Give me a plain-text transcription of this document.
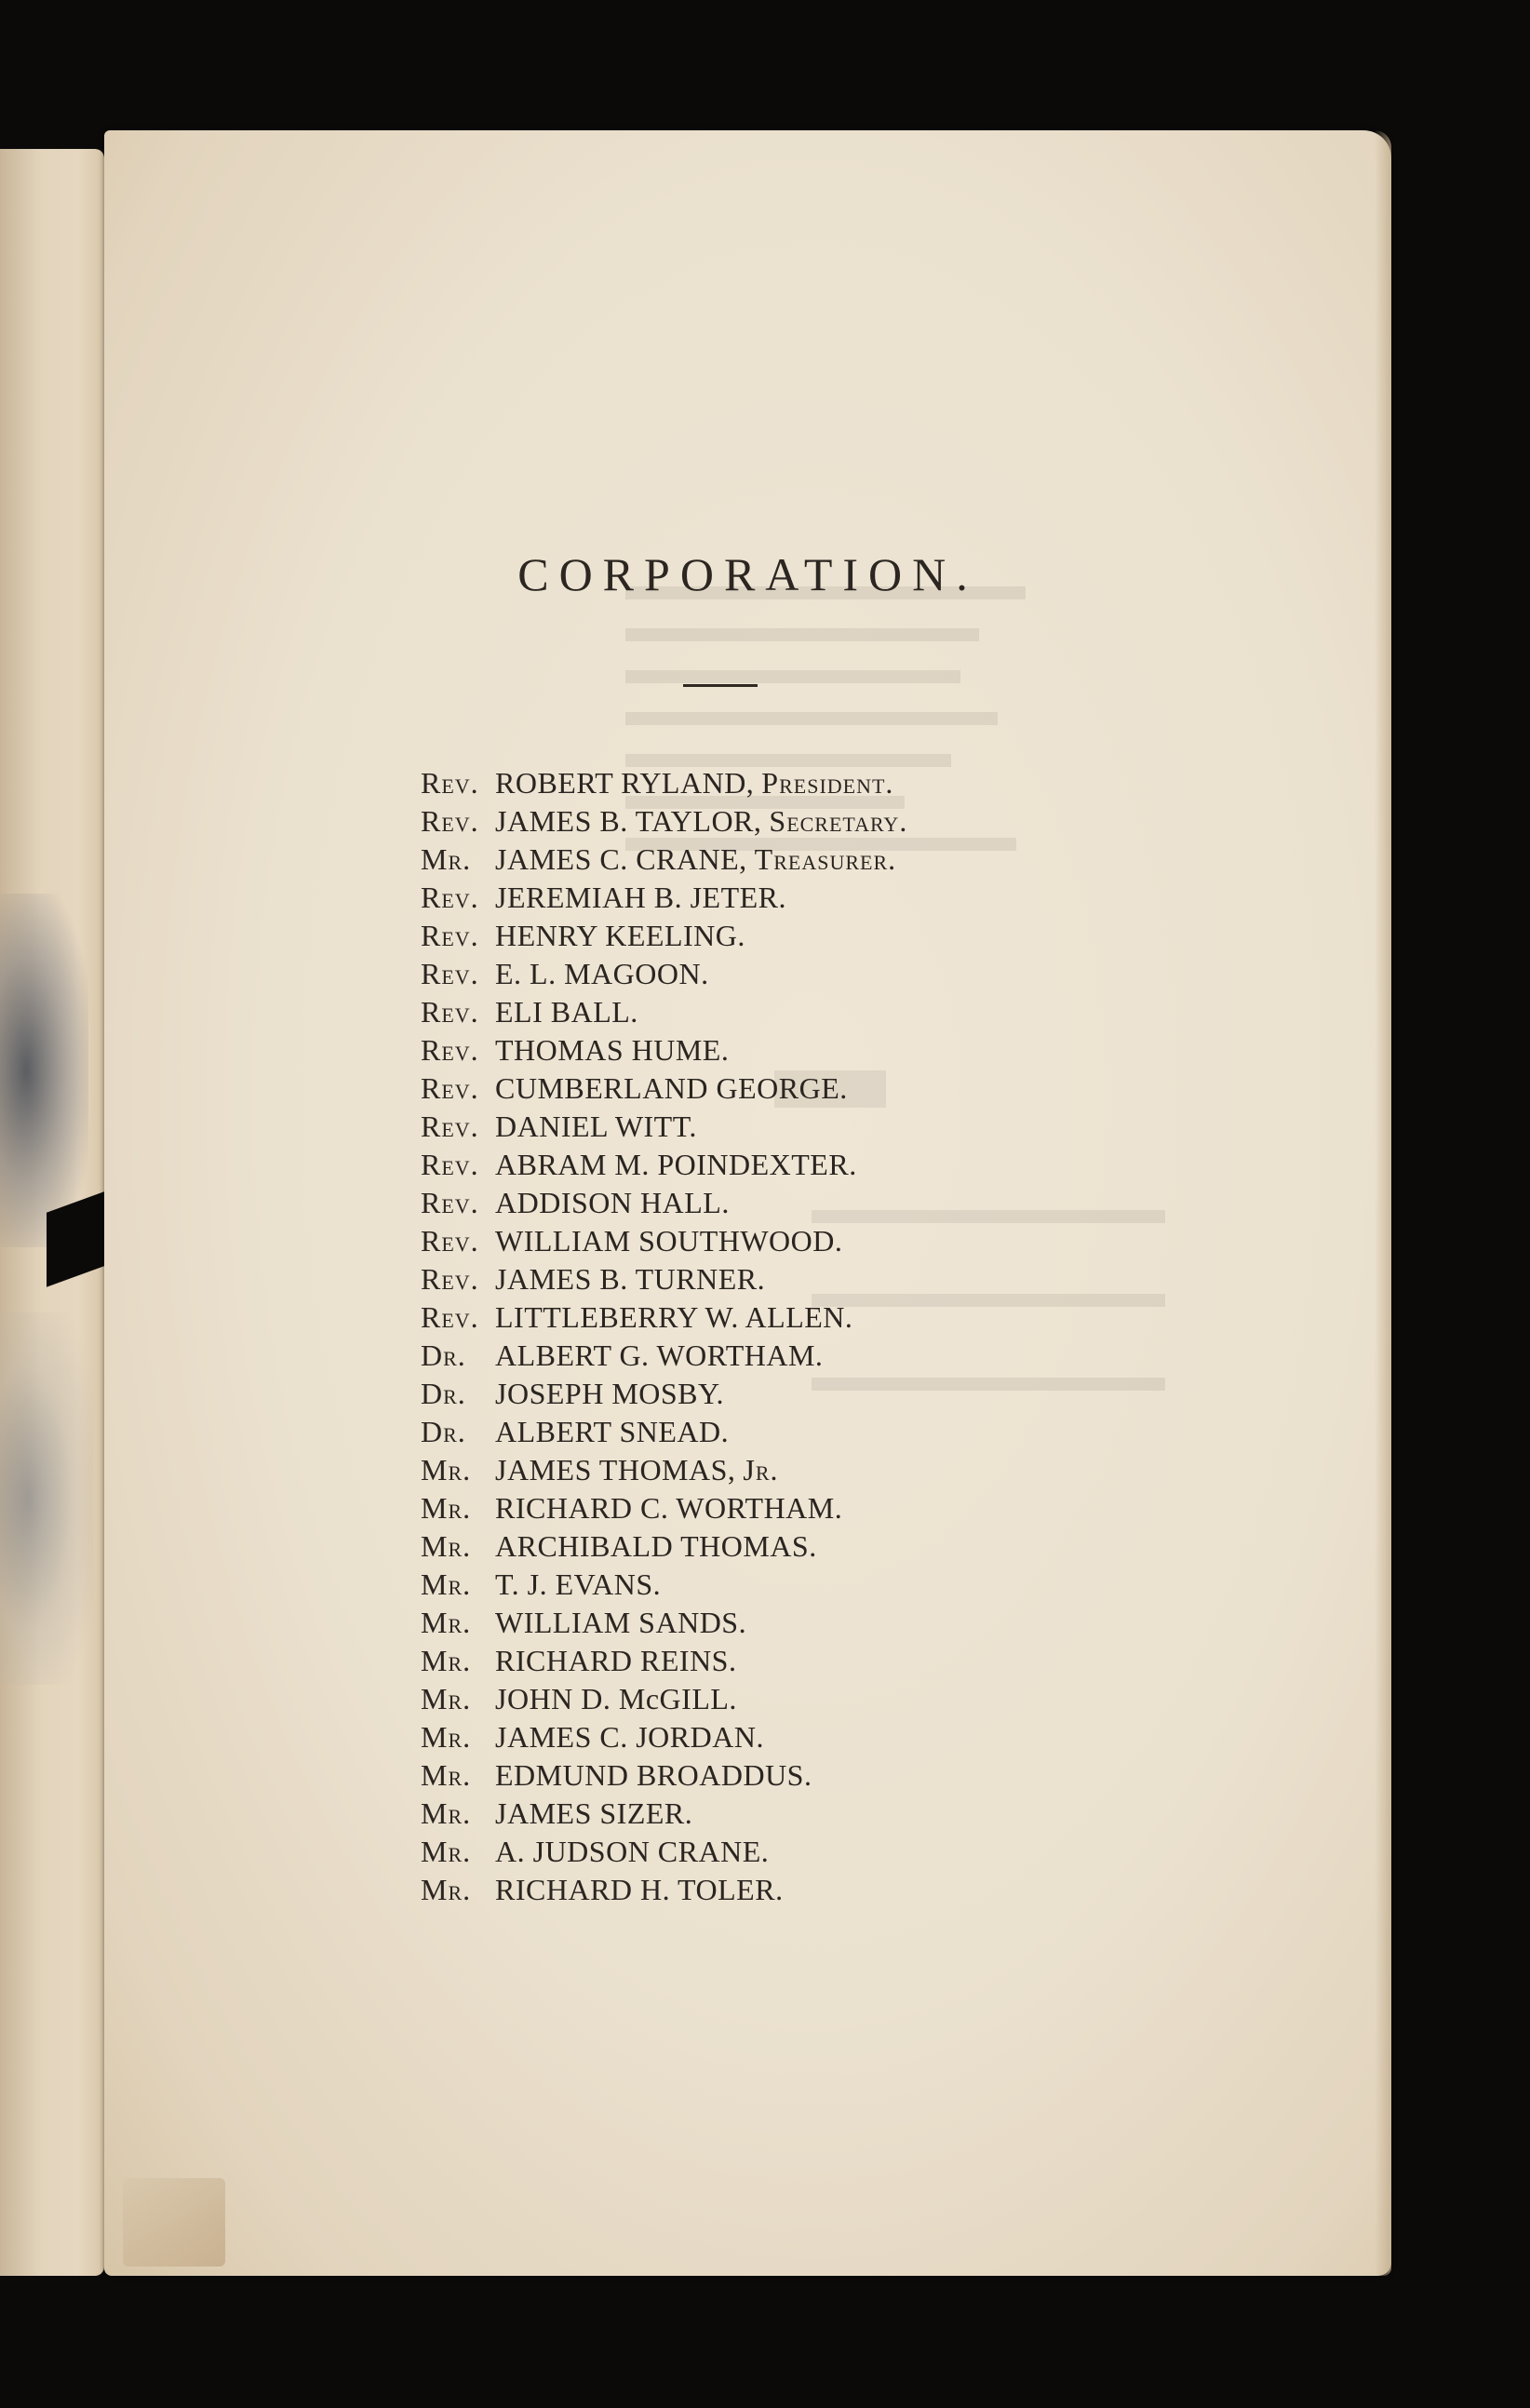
CORPORATION.
Rev. ROBERT RYLAND, President.
Rev. JAMES B. TAYLOR, Secretary.
Mr. JAMES C. CRANE, Treasurer.
Rev. JEREMIAH B. JETER.
Rev. HENRY KEELING.
Rev. E. L. MAGOON.
Rev. ELI BALL.
Rev. THOMAS HUME.
Rev. CUMBERLAND GEORGE.
Rev. DANIEL WITT.
Rev. ABRAM M. POINDEXTER.
Rev. ADDISON HALL.
Rev. WILLIAM SOUTHWOOD.
Rev. JAMES B. TURNER.
Rev. LITTLEBERRY W. ALLEN.
Dr. ALBERT G. WORTHAM.
Dr. JOSEPH MOSBY.
Dr. ALBERT SNEAD.
Mr. JAMES THOMAS, Jr.
Mr. RICHARD C. WORTHAM.
Mr. ARCHIBALD THOMAS.
Mr. T. J. EVANS.
Mr. WILLIAM SANDS.
Mr. RICHARD REINS.
Mr. JOHN D. McGILL.
Mr. JAMES C. JORDAN.
Mr. EDMUND BROADDUS.
Mr. JAMES SIZER.
Mr. A. JUDSON CRANE.
Mr. RICHARD H. TOLER.
